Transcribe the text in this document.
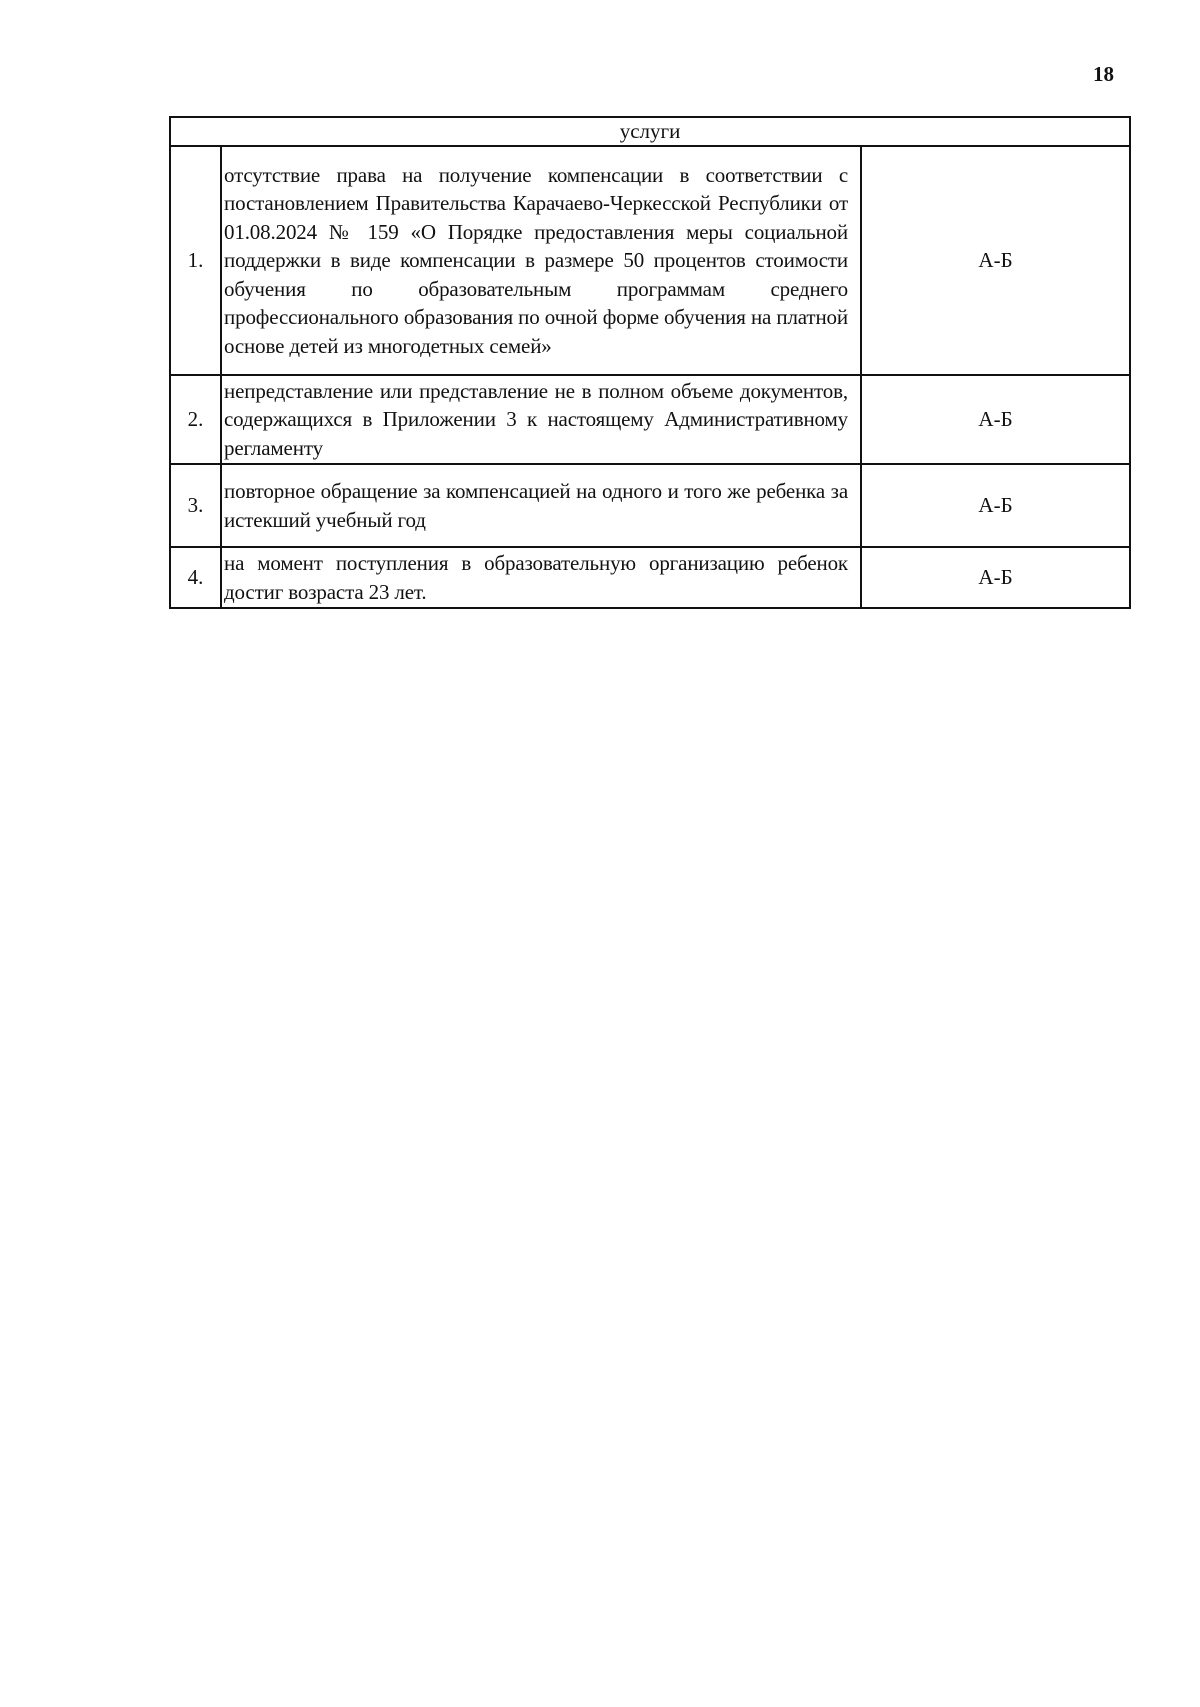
18
услуги		
1.	отсутствие права на получение компенсации в соответствии с постановлением Правительства Карачаево-Черкесской Республики от 01.08.2024 № 159 «О Порядке предоставления меры социальной поддержки в виде компенсации в размере 50 процентов стоимости обучения по образовательным программам среднего профессионального образования по очной форме обучения на платной основе детей из многодетных семей»	А-Б
2.	непредставление или представление не в полном объеме документов, содержащихся в Приложении 3 к настоящему Административному регламенту	А-Б
3.	повторное обращение за компенсацией на одного и того же ребенка за истекший учебный год	А-Б
4.	на момент поступления в образовательную организацию ребенок достиг возраста 23 лет.	А-Б
